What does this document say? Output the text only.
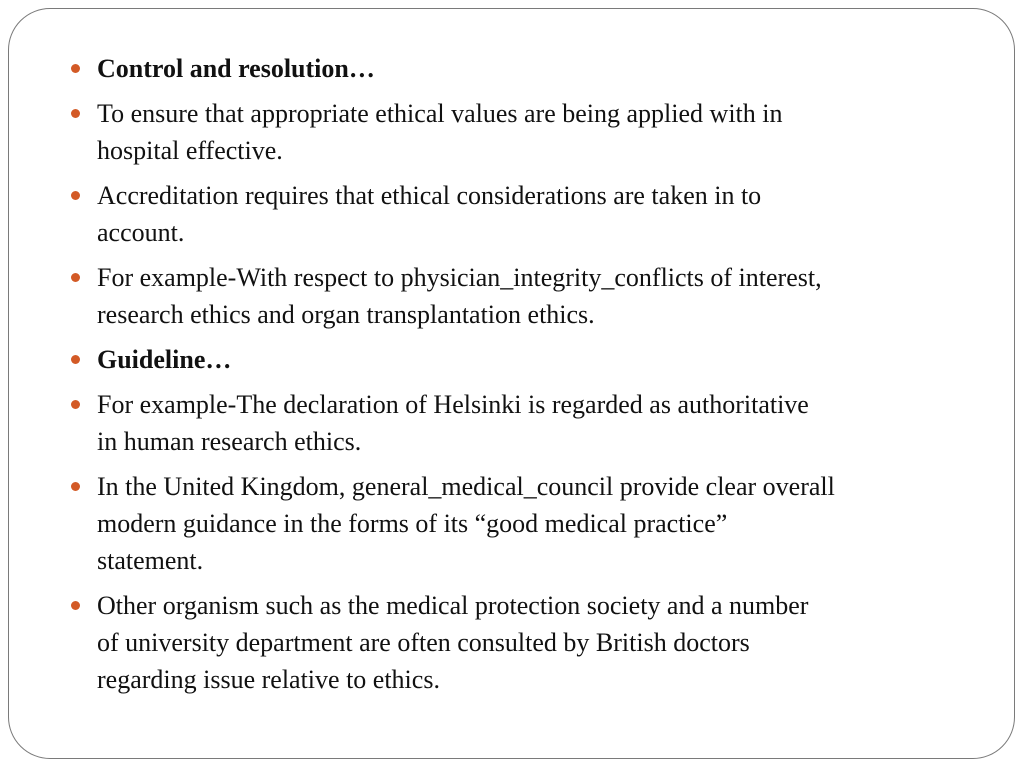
Control and resolution…
To ensure that appropriate ethical values are being applied with in
hospital effective.
Accreditation requires that ethical considerations are taken in to
account.
For example-With respect to physician_integrity_conflicts of interest,
research ethics and organ transplantation ethics.
Guideline…
For example-The declaration of Helsinki is regarded as authoritative
in human research ethics.
In the United Kingdom, general_medical_council provide clear overall
modern guidance in the forms of its “good medical practice”
statement.
Other organism such as the medical protection society and a number
of university department are often consulted by British doctors
regarding issue relative to ethics.
